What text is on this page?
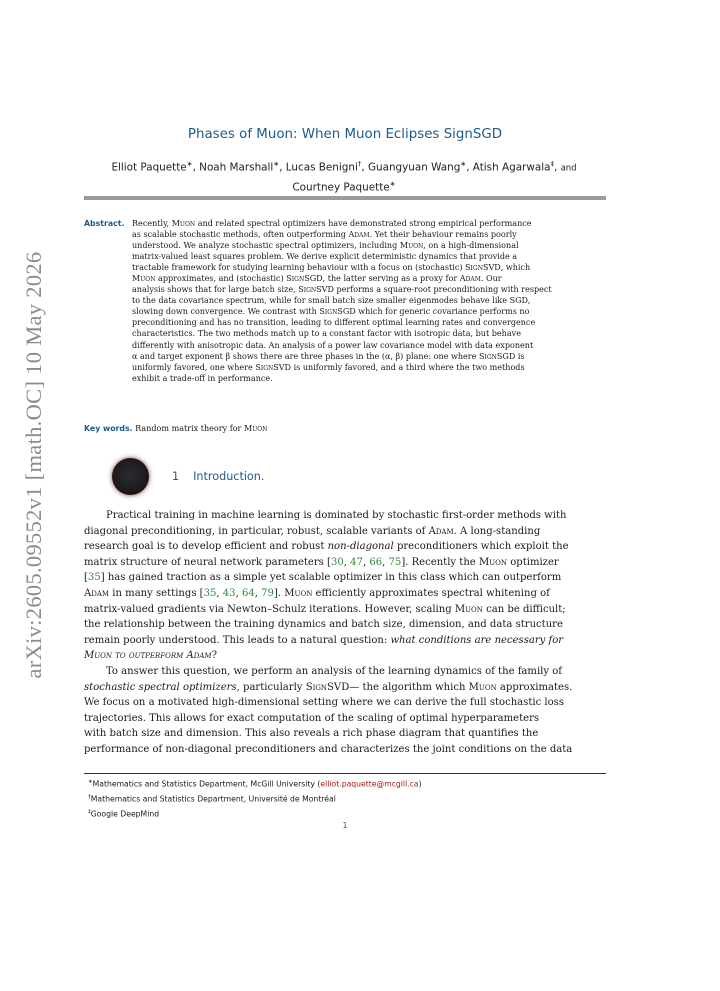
arXiv:2605.09552v1 [math.OC] 10 May 2026
Phases of Muon: When Muon Eclipses SignSGD
Elliot Paquette∗, Noah Marshall∗, Lucas Benigni†, Guangyuan Wang∗, Atish Agarwala‡, and
Courtney Paquette∗
Abstract. Recently, Muon and related spectral optimizers have demonstrated strong empirical performance
as scalable stochastic methods, often outperforming Adam. Yet their behaviour remains poorly
understood. We analyze stochastic spectral optimizers, including Muon, on a high-dimensional
matrix-valued least squares problem. We derive explicit deterministic dynamics that provide a
tractable framework for studying learning behaviour with a focus on (stochastic) SignSVD, which
Muon approximates, and (stochastic) SignSGD, the latter serving as a proxy for Adam. Our
analysis shows that for large batch size, SignSVD performs a square-root preconditioning with respect
to the data covariance spectrum, while for small batch size smaller eigenmodes behave like SGD,
slowing down convergence. We contrast with SignSGD which for generic covariance performs no
preconditioning and has no transition, leading to different optimal learning rates and convergence
characteristics. The two methods match up to a constant factor with isotropic data, but behave
differently with anisotropic data. An analysis of a power law covariance model with data exponent
α and target exponent β shows there are three phases in the (α, β) plane: one where SignSGD is
uniformly favored, one where SignSVD is uniformly favored, and a third where the two methods
exhibit a trade-off in performance.
Key words. Random matrix theory for Muon
1 Introduction.
Practical training in machine learning is dominated by stochastic first-order methods with
diagonal preconditioning, in particular, robust, scalable variants of Adam. A long-standing
research goal is to develop efficient and robust non-diagonal preconditioners which exploit the
matrix structure of neural network parameters [30, 47, 66, 75]. Recently the Muon optimizer
[35] has gained traction as a simple yet scalable optimizer in this class which can outperform
Adam in many settings [35, 43, 64, 79]. Muon efficiently approximates spectral whitening of
matrix-valued gradients via Newton–Schulz iterations. However, scaling Muon can be difficult;
the relationship between the training dynamics and batch size, dimension, and data structure
remain poorly understood. This leads to a natural question: what conditions are necessary for
Muon to outperform Adam?
To answer this question, we perform an analysis of the learning dynamics of the family of
stochastic spectral optimizers, particularly SignSVD— the algorithm which Muon approximates.
We focus on a motivated high-dimensional setting where we can derive the full stochastic loss
trajectories. This allows for exact computation of the scaling of optimal hyperparameters
with batch size and dimension. This also reveals a rich phase diagram that quantifies the
performance of non-diagonal preconditioners and characterizes the joint conditions on the data
∗Mathematics and Statistics Department, McGill University (elliot.paquette@mcgill.ca)
†Mathematics and Statistics Department, Université de Montréal
‡Google DeepMind
1
